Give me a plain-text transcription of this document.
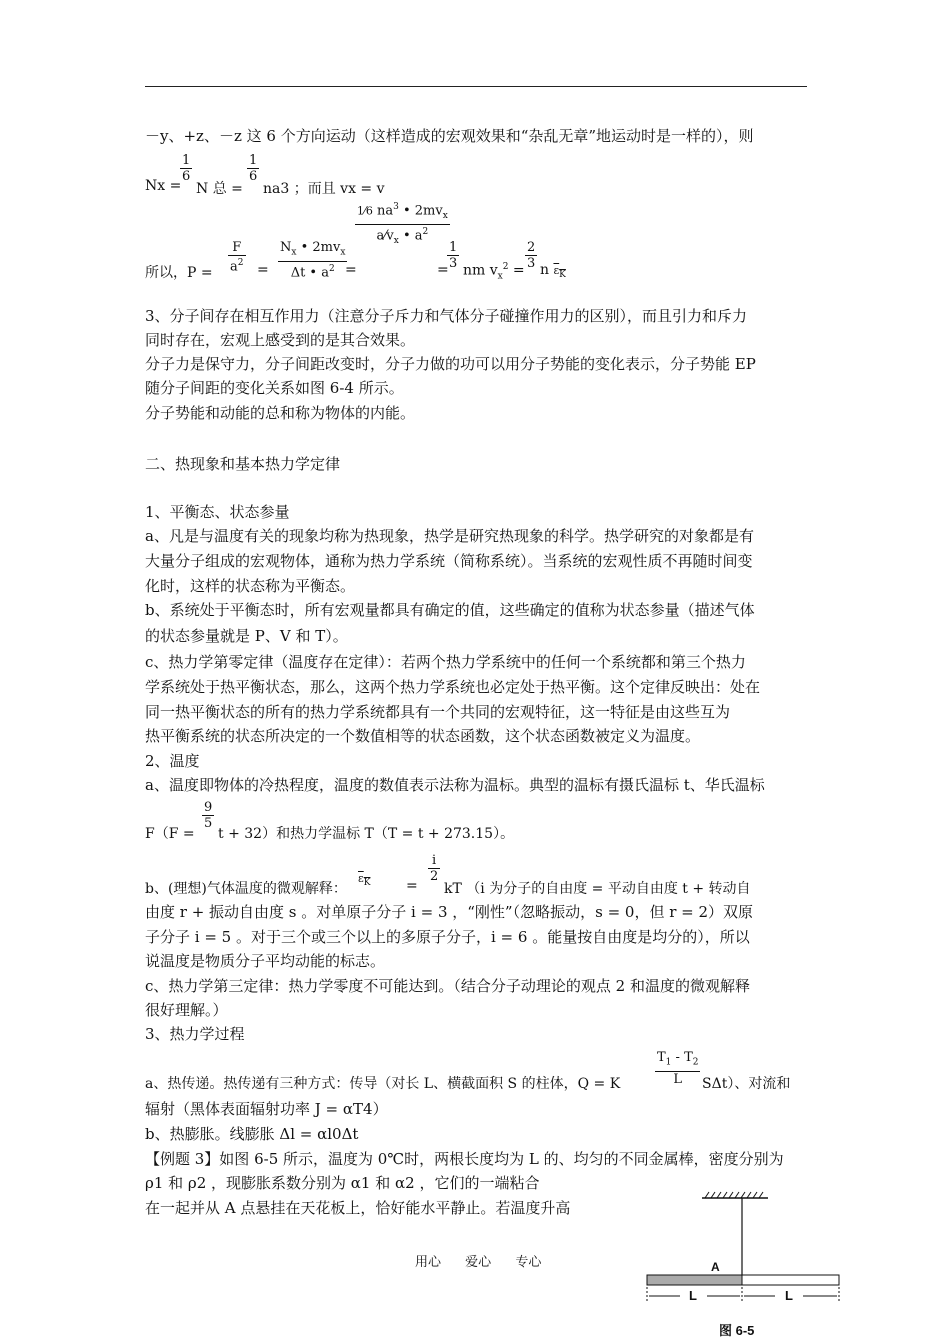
－y、+z、－z 这 6 个方向运动（这样造成的宏观效果和“杂乱无章”地运动时是一样的），则
Nx =
$\frac{1}{6}$
N 总 =
$\frac{1}{6}$
na3 ；而且 vx = v
所以，$P = \frac{F}{a^2}$ =
$N_x$ • $2mv_x$
Δt • $a^2$ =
1⁄6 $na^3$ • $2mv_x$
$a⁄v_x$ • $a^2$
=
$\frac{1}{3}$ nm $v_x^2 = \frac{2}{3}$ n $\varepsilon_K$
3、分子间存在相互作用力（注意分子斥力和气体分子碰撞作用力的区别），而且引力和斥力
同时存在，宏观上感受到的是其合效果。
分子力是保守力，分子间距改变时，分子力做的功可以用分子势能的变化表示，分子势能 EP
随分子间距的变化关系如图 6-4 所示。
分子势能和动能的总和称为物体的内能。
二、热现象和基本热力学定律
1、平衡态、状态参量
a、凡是与温度有关的现象均称为热现象，热学是研究热现象的科学。热学研究的对象都是有
大量分子组成的宏观物体，通称为热力学系统（简称系统）。当系统的宏观性质不再随时间变
化时，这样的状态称为平衡态。
b、系统处于平衡态时，所有宏观量都具有确定的值，这些确定的值称为状态参量（描述气体
的状态参量就是 P、V 和 T）。
c、热力学第零定律（温度存在定律）：若两个热力学系统中的任何一个系统都和第三个热力
学系统处于热平衡状态，那么，这两个热力学系统也必定处于热平衡。这个定律反映出：处在
同一热平衡状态的所有的热力学系统都具有一个共同的宏观特征，这一特征是由这些互为
热平衡系统的状态所决定的一个数值相等的状态函数，这个状态函数被定义为温度。
2、温度
a、温度即物体的冷热程度，温度的数值表示法称为温标。典型的温标有摄氏温标 t、华氏温标
F（F =
$\frac{9}{5}$
t + 32）和热力学温标 T（T = t + 273.15）。
b、(理想)气体温度的微观解释：
$\varepsilon_K$	=
$\frac{i}{2}$
kT （i 为分子的自由度 = 平动自由度 t + 转动自
由度 r + 振动自由度 s 。对单原子分子 i = 3 ，“刚性”（忽略振动，s = 0，但 r = 2）双原
子分子 i = 5 。对于三个或三个以上的多原子分子，i = 6 。能量按自由度是均分的），所以
说温度是物质分子平均动能的标志。
c、热力学第三定律：热力学零度不可能达到。（结合分子动理论的观点 2 和温度的微观解释
很好理解。）
3、热力学过程
a、热传递。热传递有三种方式：传导（对长 L、横截面积 S 的柱体，Q = K	$\frac{T_1 - T_2}{L} S\Delta t$）、对流和
辐射（黑体表面辐射功率 J = αT4）
b、热膨胀。线膨胀 Δl = αl0Δt
【例题 3】如图 6-5 所示，温度为 0℃时，两根长度均为 L 的、均匀的不同金属棒，密度分别为
ρ1 和 ρ2 ，现膨胀系数分别为 α1 和 α2 ，它们的一端粘合
在一起并从 A 点悬挂在天花板上，恰好能水平静止。若温度升高
用心 爱心 专心	A
L	L
图 6-5
